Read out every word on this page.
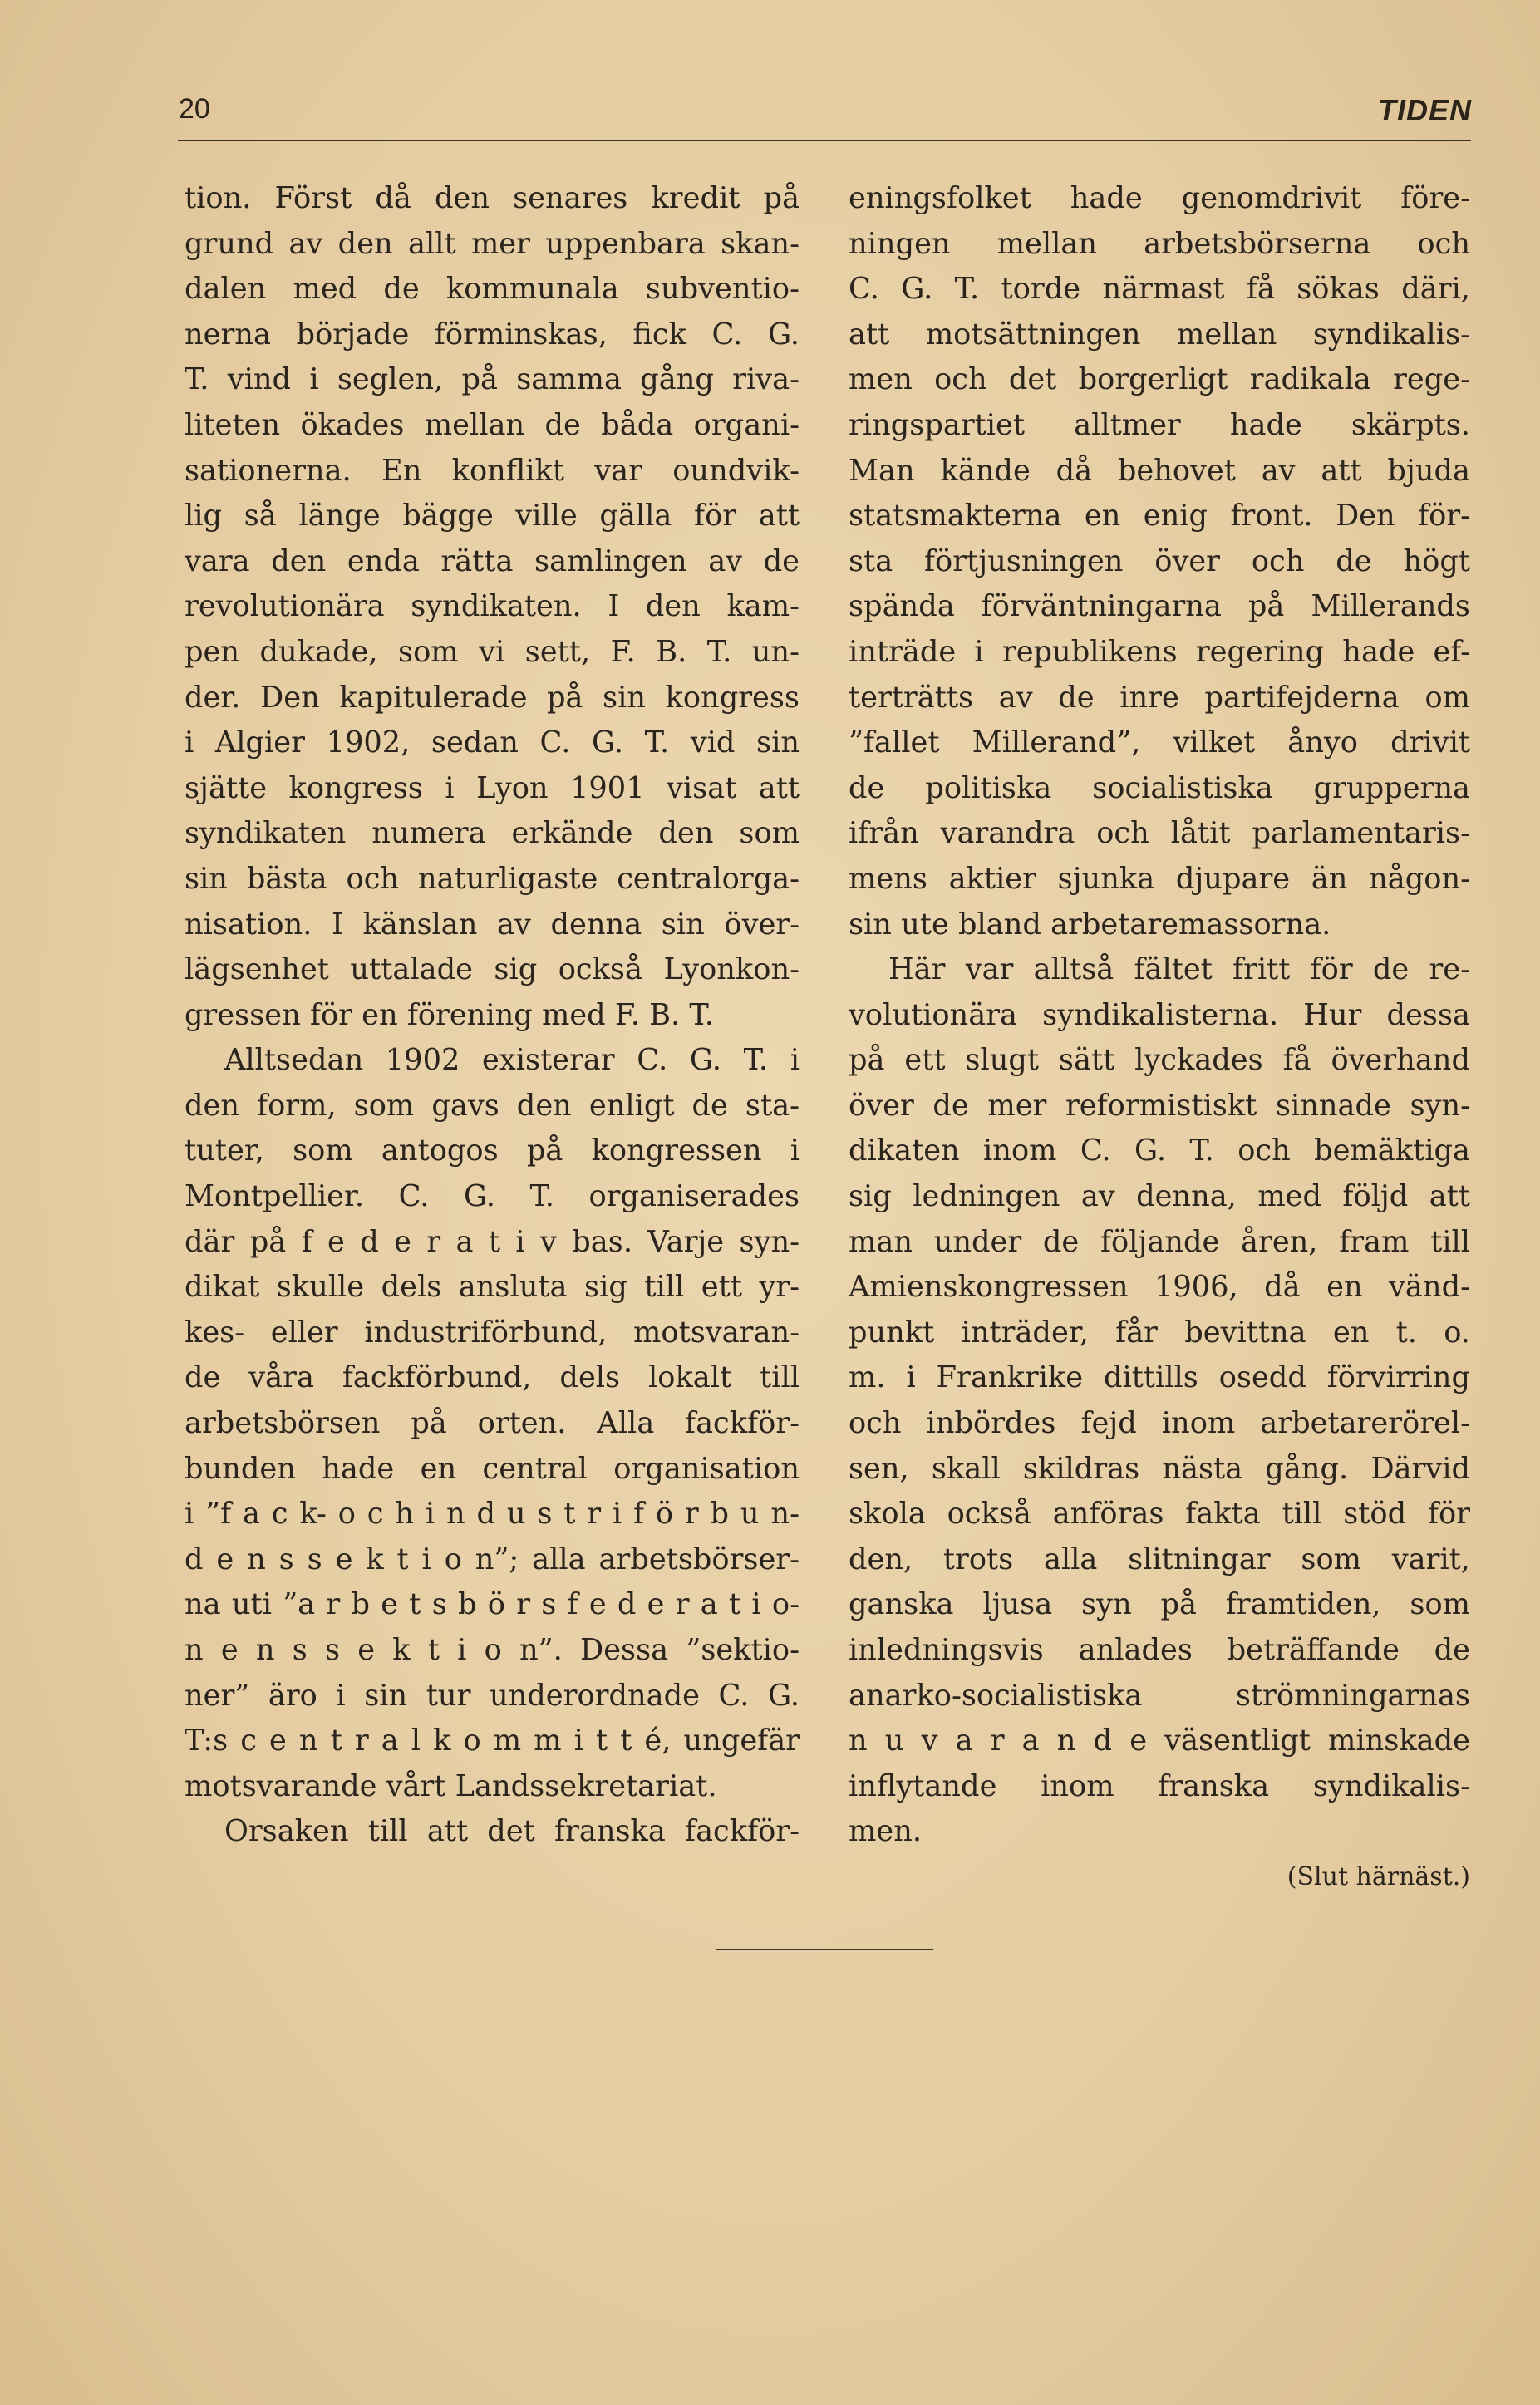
20	TIDEN
tion. Först då den senares kredit på
grund av den allt mer uppenbara skan-
dalen med de kommunala subventio-
nerna började förminskas, fick C. G.
T. vind i seglen, på samma gång riva-
liteten ökades mellan de båda organi-
sationerna. En konflikt var oundvik-
lig så länge bägge ville gälla för att
vara den enda rätta samlingen av de
revolutionära syndikaten. I den kam-
pen dukade, som vi sett, F. B. T. un-
der. Den kapitulerade på sin kongress
i Algier 1902, sedan C. G. T. vid sin
sjätte kongress i Lyon 1901 visat att
syndikaten numera erkände den som
sin bästa och naturligaste centralorga-
nisation. I känslan av denna sin över-
lägsenhet uttalade sig också Lyonkon-
gressen för en förening med F. B. T.
Alltsedan 1902 existerar C. G. T. i
den form, som gavs den enligt de sta-
tuter, som antogos på kongressen i
Montpellier. C. G. T. organiserades
där på f e d e r a t i v bas. Varje syn-
dikat skulle dels ansluta sig till ett yr-
kes- eller industriförbund, motsvaran-
de våra fackförbund, dels lokalt till
arbetsbörsen på orten. Alla fackför-
bunden hade en central organisation
i ”f a c k- o c h i n d u s t r i f ö r b u n-
d e n s s e k t i o n”; alla arbetsbörser-
na uti ”a r b e t s b ö r s f e d e r a t i o-
n e n s s e k t i o n”. Dessa ”sektio-
ner” äro i sin tur underordnade C. G.
T:s c e n t r a l k o m m i t t é, ungefär
motsvarande vårt Landssekretariat.
Orsaken till att det franska fackför-
eningsfolket hade genomdrivit före-
ningen mellan arbetsbörserna och
C. G. T. torde närmast få sökas däri,
att motsättningen mellan syndikalis-
men och det borgerligt radikala rege-
ringspartiet alltmer hade skärpts.
Man kände då behovet av att bjuda
statsmakterna en enig front. Den för-
sta förtjusningen över och de högt
spända förväntningarna på Millerands
inträde i republikens regering hade ef-
terträtts av de inre partifejderna om
”fallet Millerand”, vilket ånyo drivit
de politiska socialistiska grupperna
ifrån varandra och låtit parlamentaris-
mens aktier sjunka djupare än någon-
sin ute bland arbetaremassorna.
Här var alltså fältet fritt för de re-
volutionära syndikalisterna. Hur dessa
på ett slugt sätt lyckades få överhand
över de mer reformistiskt sinnade syn-
dikaten inom C. G. T. och bemäktiga
sig ledningen av denna, med följd att
man under de följande åren, fram till
Amienskongressen 1906, då en vänd-
punkt inträder, får bevittna en t. o.
m. i Frankrike dittills osedd förvirring
och inbördes fejd inom arbetarerörel-
sen, skall skildras nästa gång. Därvid
skola också anföras fakta till stöd för
den, trots alla slitningar som varit,
ganska ljusa syn på framtiden, som
inledningsvis anlades beträffande de
anarko-socialistiska strömningarnas
n u v a r a n d e väsentligt minskade
inflytande inom franska syndikalis-
men.
(Slut härnäst.)
